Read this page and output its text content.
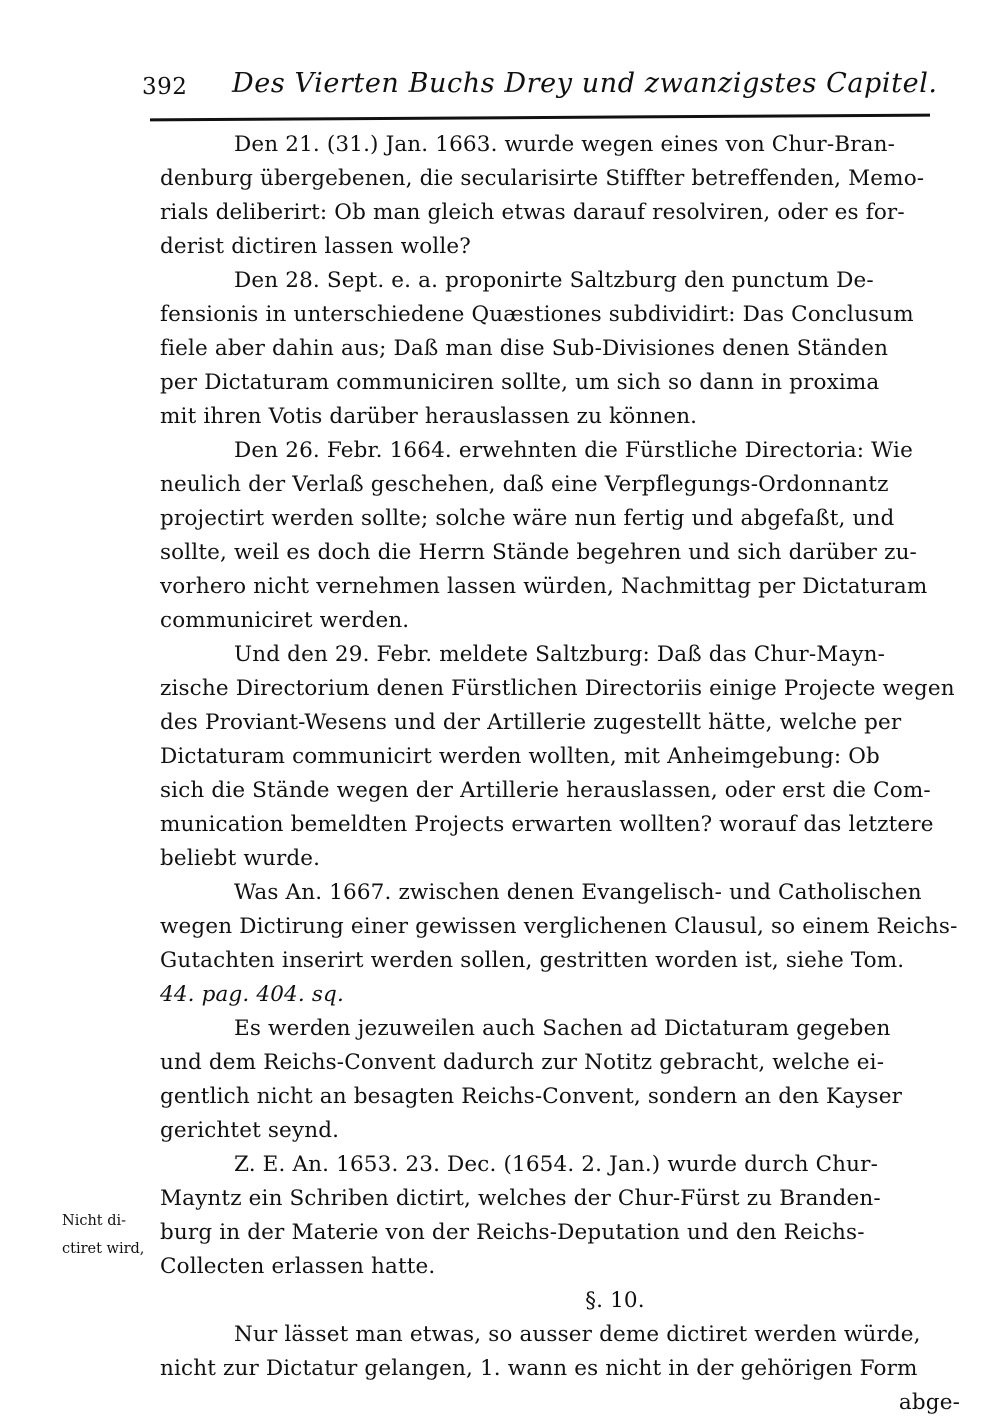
392 Des Vierten Buchs Drey und zwanzigstes Capitel.
Den 21. (31.) Jan. 1663. wurde wegen eines von Chur-Bran-
denburg übergebenen, die secularisirte Stiffter betreffenden, Memo-
rials deliberirt: Ob man gleich etwas darauf resolviren, oder es for-
derist dictiren lassen wolle?
Den 28. Sept. e. a. proponirte Saltzburg den punctum De-
fensionis in unterschiedene Quæstiones subdividirt: Das Conclusum
fiele aber dahin aus; Daß man dise Sub-Divisiones denen Ständen
per Dictaturam communiciren sollte, um sich so dann in proxima
mit ihren Votis darüber herauslassen zu können.
Den 26. Febr. 1664. erwehnten die Fürstliche Directoria: Wie
neulich der Verlaß geschehen, daß eine Verpflegungs-Ordonnantz
projectirt werden sollte; solche wäre nun fertig und abgefaßt, und
sollte, weil es doch die Herrn Stände begehren und sich darüber zu-
vorhero nicht vernehmen lassen würden, Nachmittag per Dictaturam
communiciret werden.
Und den 29. Febr. meldete Saltzburg: Daß das Chur-Mayn-
zische Directorium denen Fürstlichen Directoriis einige Projecte wegen
des Proviant-Wesens und der Artillerie zugestellt hätte, welche per
Dictaturam communicirt werden wollten, mit Anheimgebung: Ob
sich die Stände wegen der Artillerie herauslassen, oder erst die Com-
munication bemeldten Projects erwarten wollten? worauf das letztere
beliebt wurde.
Was An. 1667. zwischen denen Evangelisch- und Catholischen
wegen Dictirung einer gewissen verglichenen Clausul, so einem Reichs-
Gutachten inserirt werden sollen, gestritten worden ist, siehe Tom.
44. pag. 404. sq.
Es werden jezuweilen auch Sachen ad Dictaturam gegeben
und dem Reichs-Convent dadurch zur Notitz gebracht, welche ei-
gentlich nicht an besagten Reichs-Convent, sondern an den Kayser
gerichtet seynd.
Z. E. An. 1653. 23. Dec. (1654. 2. Jan.) wurde durch Chur-
Mayntz ein Schriben dictirt, welches der Chur-Fürst zu Branden-
burg in der Materie von der Reichs-Deputation und den Reichs-
Collecten erlassen hatte.
§. 10.
Nur lässet man etwas, so ausser deme dictiret werden würde,
nicht zur Dictatur gelangen, 1. wann es nicht in der gehörigen Form
abge-
Nicht di-
ctiret wird,
